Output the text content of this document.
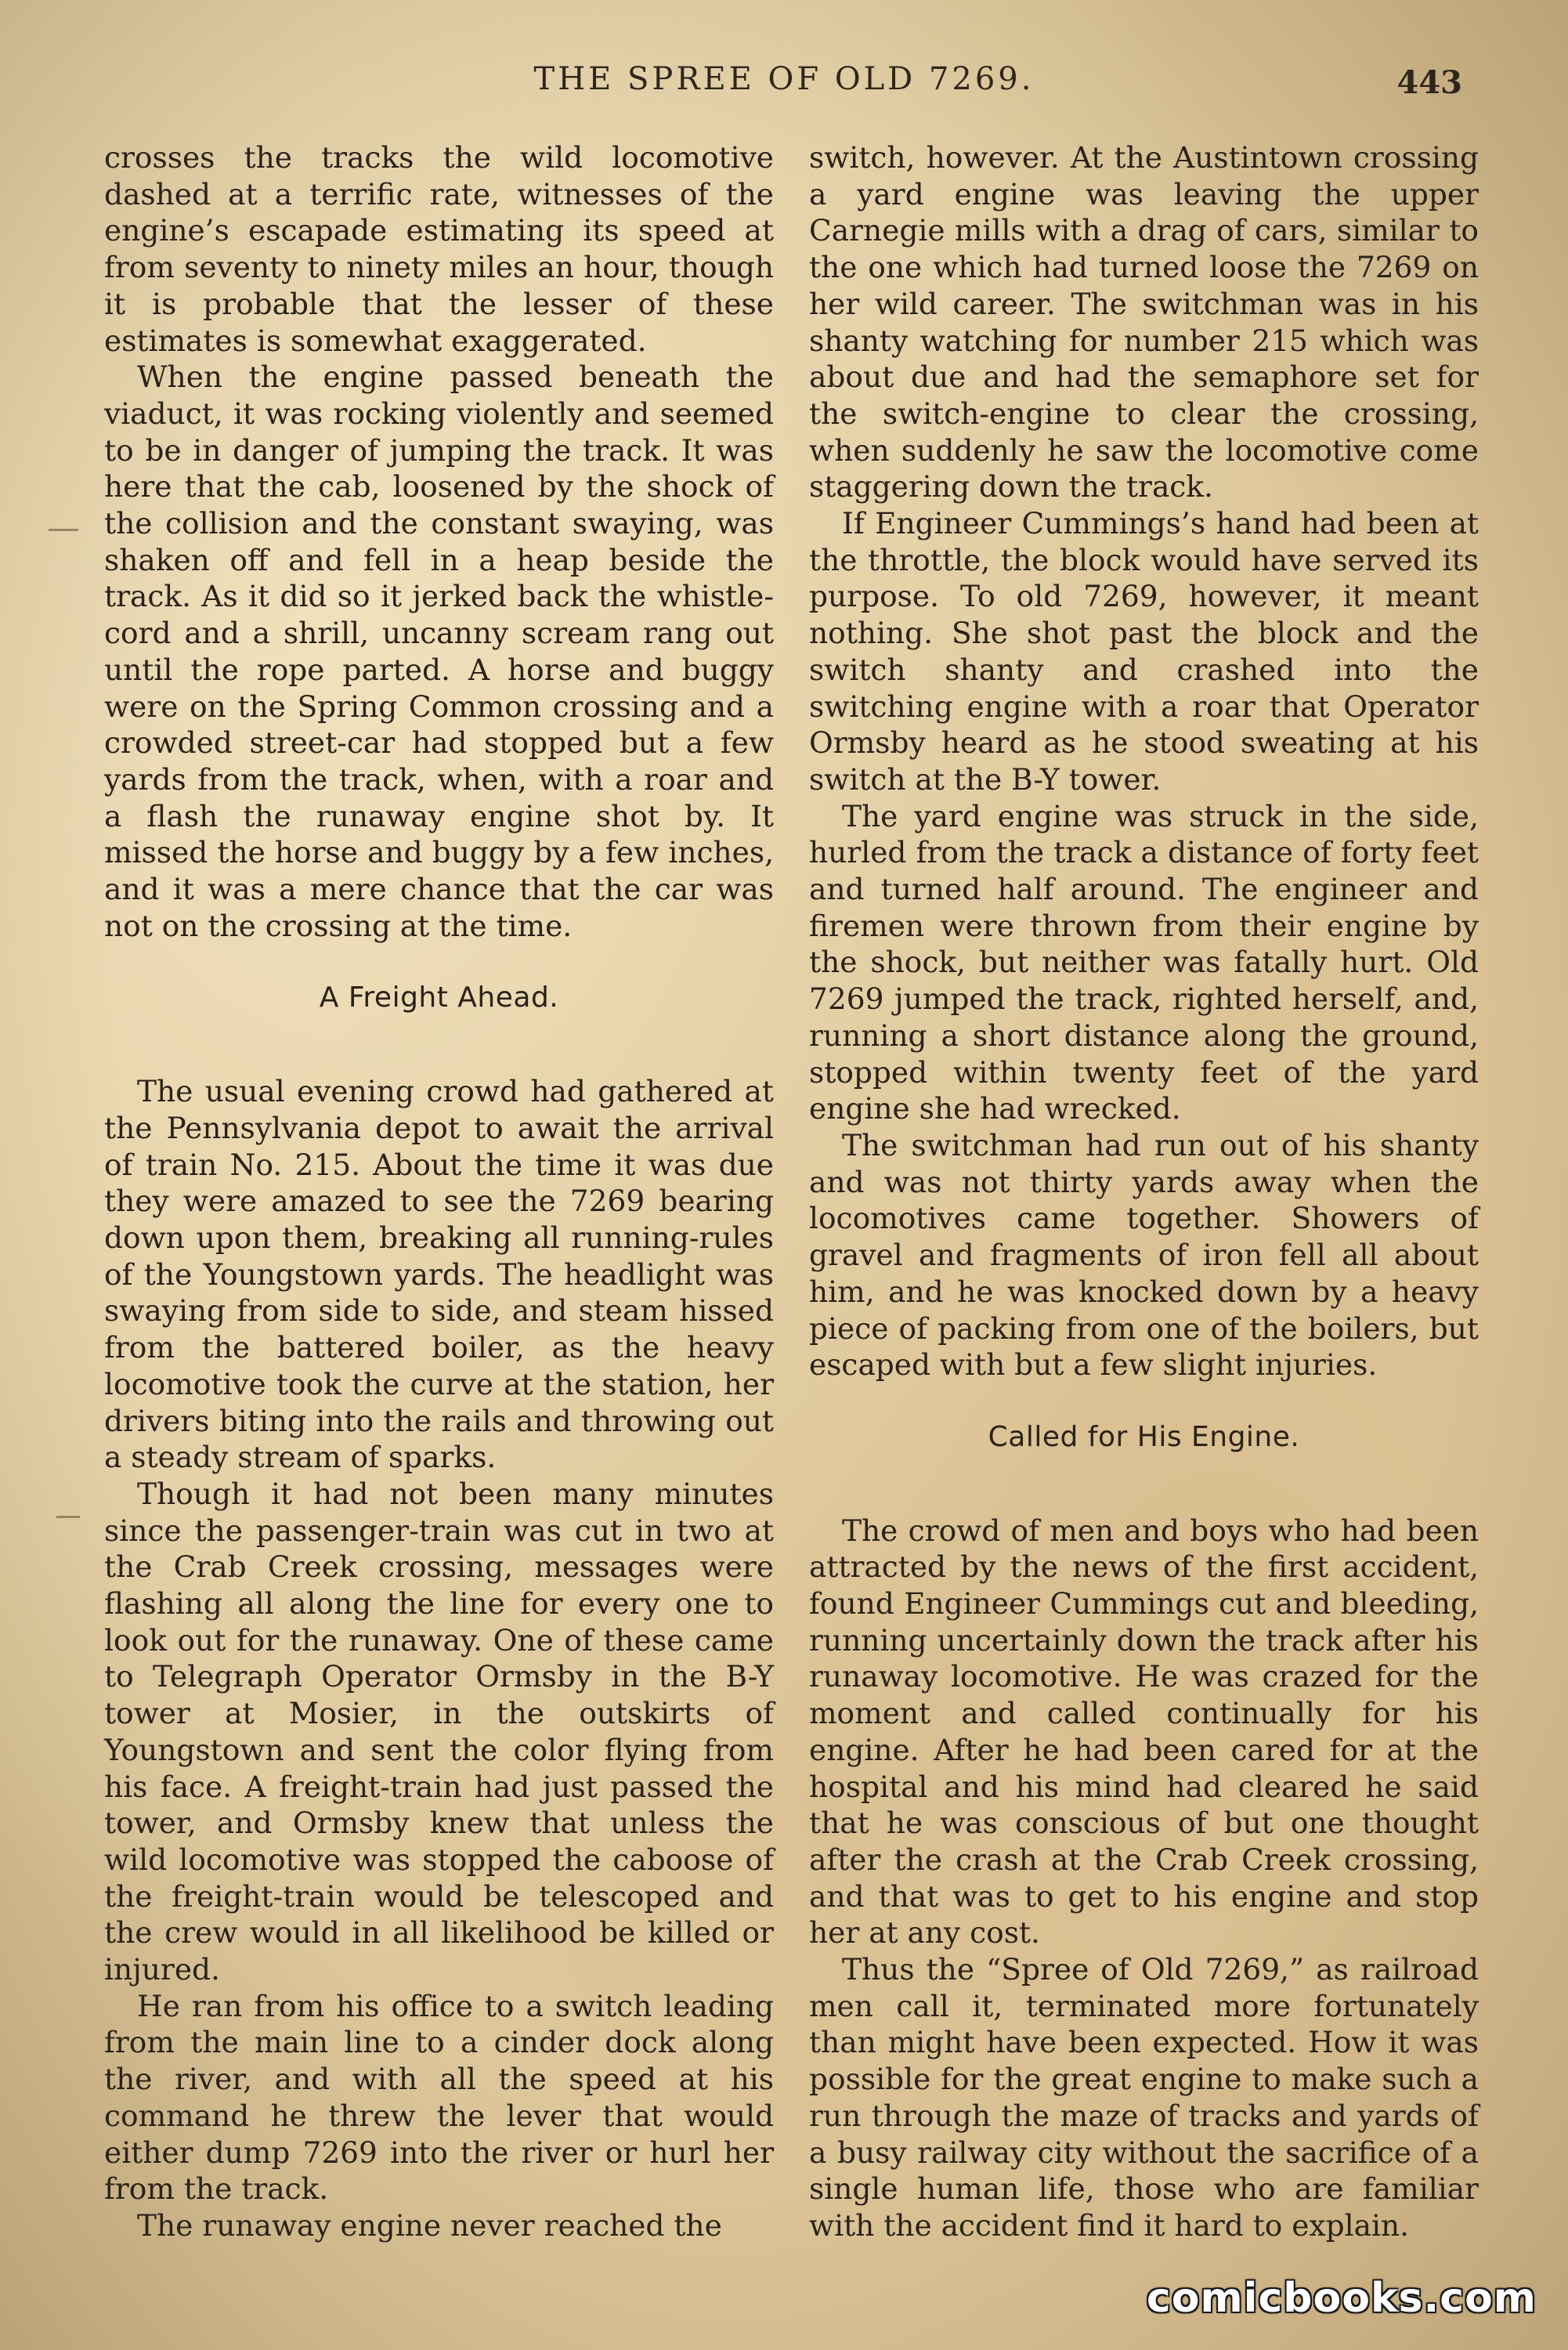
THE SPREE OF OLD 7269.	443

crosses the tracks the wild locomotive dashed at a terrific rate, witnesses of the engine’s escapade estimating its speed at from seventy to ninety miles an hour, though it is probable that the lesser of these estimates is somewhat exaggerated.

When the engine passed beneath the viaduct, it was rocking violently and seemed to be in danger of jumping the track. It was here that the cab, loosened by the shock of the collision and the constant swaying, was shaken off and fell in a heap beside the track. As it did so it jerked back the whistle-cord and a shrill, uncanny scream rang out until the rope parted. A horse and buggy were on the Spring Common crossing and a crowded street-car had stopped but a few yards from the track, when, with a roar and a flash the runaway engine shot by. It missed the horse and buggy by a few inches, and it was a mere chance that the car was not on the crossing at the time.

A Freight Ahead.

The usual evening crowd had gathered at the Pennsylvania depot to await the arrival of train No. 215. About the time it was due they were amazed to see the 7269 bearing down upon them, breaking all running-rules of the Youngstown yards. The headlight was swaying from side to side, and steam hissed from the battered boiler, as the heavy locomotive took the curve at the station, her drivers biting into the rails and throwing out a steady stream of sparks.

Though it had not been many minutes since the passenger-train was cut in two at the Crab Creek crossing, messages were flashing all along the line for every one to look out for the runaway. One of these came to Telegraph Operator Ormsby in the B-Y tower at Mosier, in the outskirts of Youngstown and sent the color flying from his face. A freight-train had just passed the tower, and Ormsby knew that unless the wild locomotive was stopped the caboose of the freight-train would be telescoped and the crew would in all likelihood be killed or injured.

He ran from his office to a switch leading from the main line to a cinder dock along the river, and with all the speed at his command he threw the lever that would either dump 7269 into the river or hurl her from the track.

The runaway engine never reached the

switch, however. At the Austintown crossing a yard engine was leaving the upper Carnegie mills with a drag of cars, similar to the one which had turned loose the 7269 on her wild career. The switchman was in his shanty watching for number 215 which was about due and had the semaphore set for the switch-engine to clear the crossing, when suddenly he saw the locomotive come staggering down the track.

If Engineer Cummings’s hand had been at the throttle, the block would have served its purpose. To old 7269, however, it meant nothing. She shot past the block and the switch shanty and crashed into the switching engine with a roar that Operator Ormsby heard as he stood sweating at his switch at the B-Y tower.

The yard engine was struck in the side, hurled from the track a distance of forty feet and turned half around. The engineer and firemen were thrown from their engine by the shock, but neither was fatally hurt. Old 7269 jumped the track, righted herself, and, running a short distance along the ground, stopped within twenty feet of the yard engine she had wrecked.

The switchman had run out of his shanty and was not thirty yards away when the locomotives came together. Showers of gravel and fragments of iron fell all about him, and he was knocked down by a heavy piece of packing from one of the boilers, but escaped with but a few slight injuries.

Called for His Engine.

The crowd of men and boys who had been attracted by the news of the first accident, found Engineer Cummings cut and bleeding, running uncertainly down the track after his runaway locomotive. He was crazed for the moment and called continually for his engine. After he had been cared for at the hospital and his mind had cleared he said that he was conscious of but one thought after the crash at the Crab Creek crossing, and that was to get to his engine and stop her at any cost.

Thus the “Spree of Old 7269,” as railroad men call it, terminated more fortunately than might have been expected. How it was possible for the great engine to make such a run through the maze of tracks and yards of a busy railway city without the sacrifice of a single human life, those who are familiar with the accident find it hard to explain.

comicbooks.com
